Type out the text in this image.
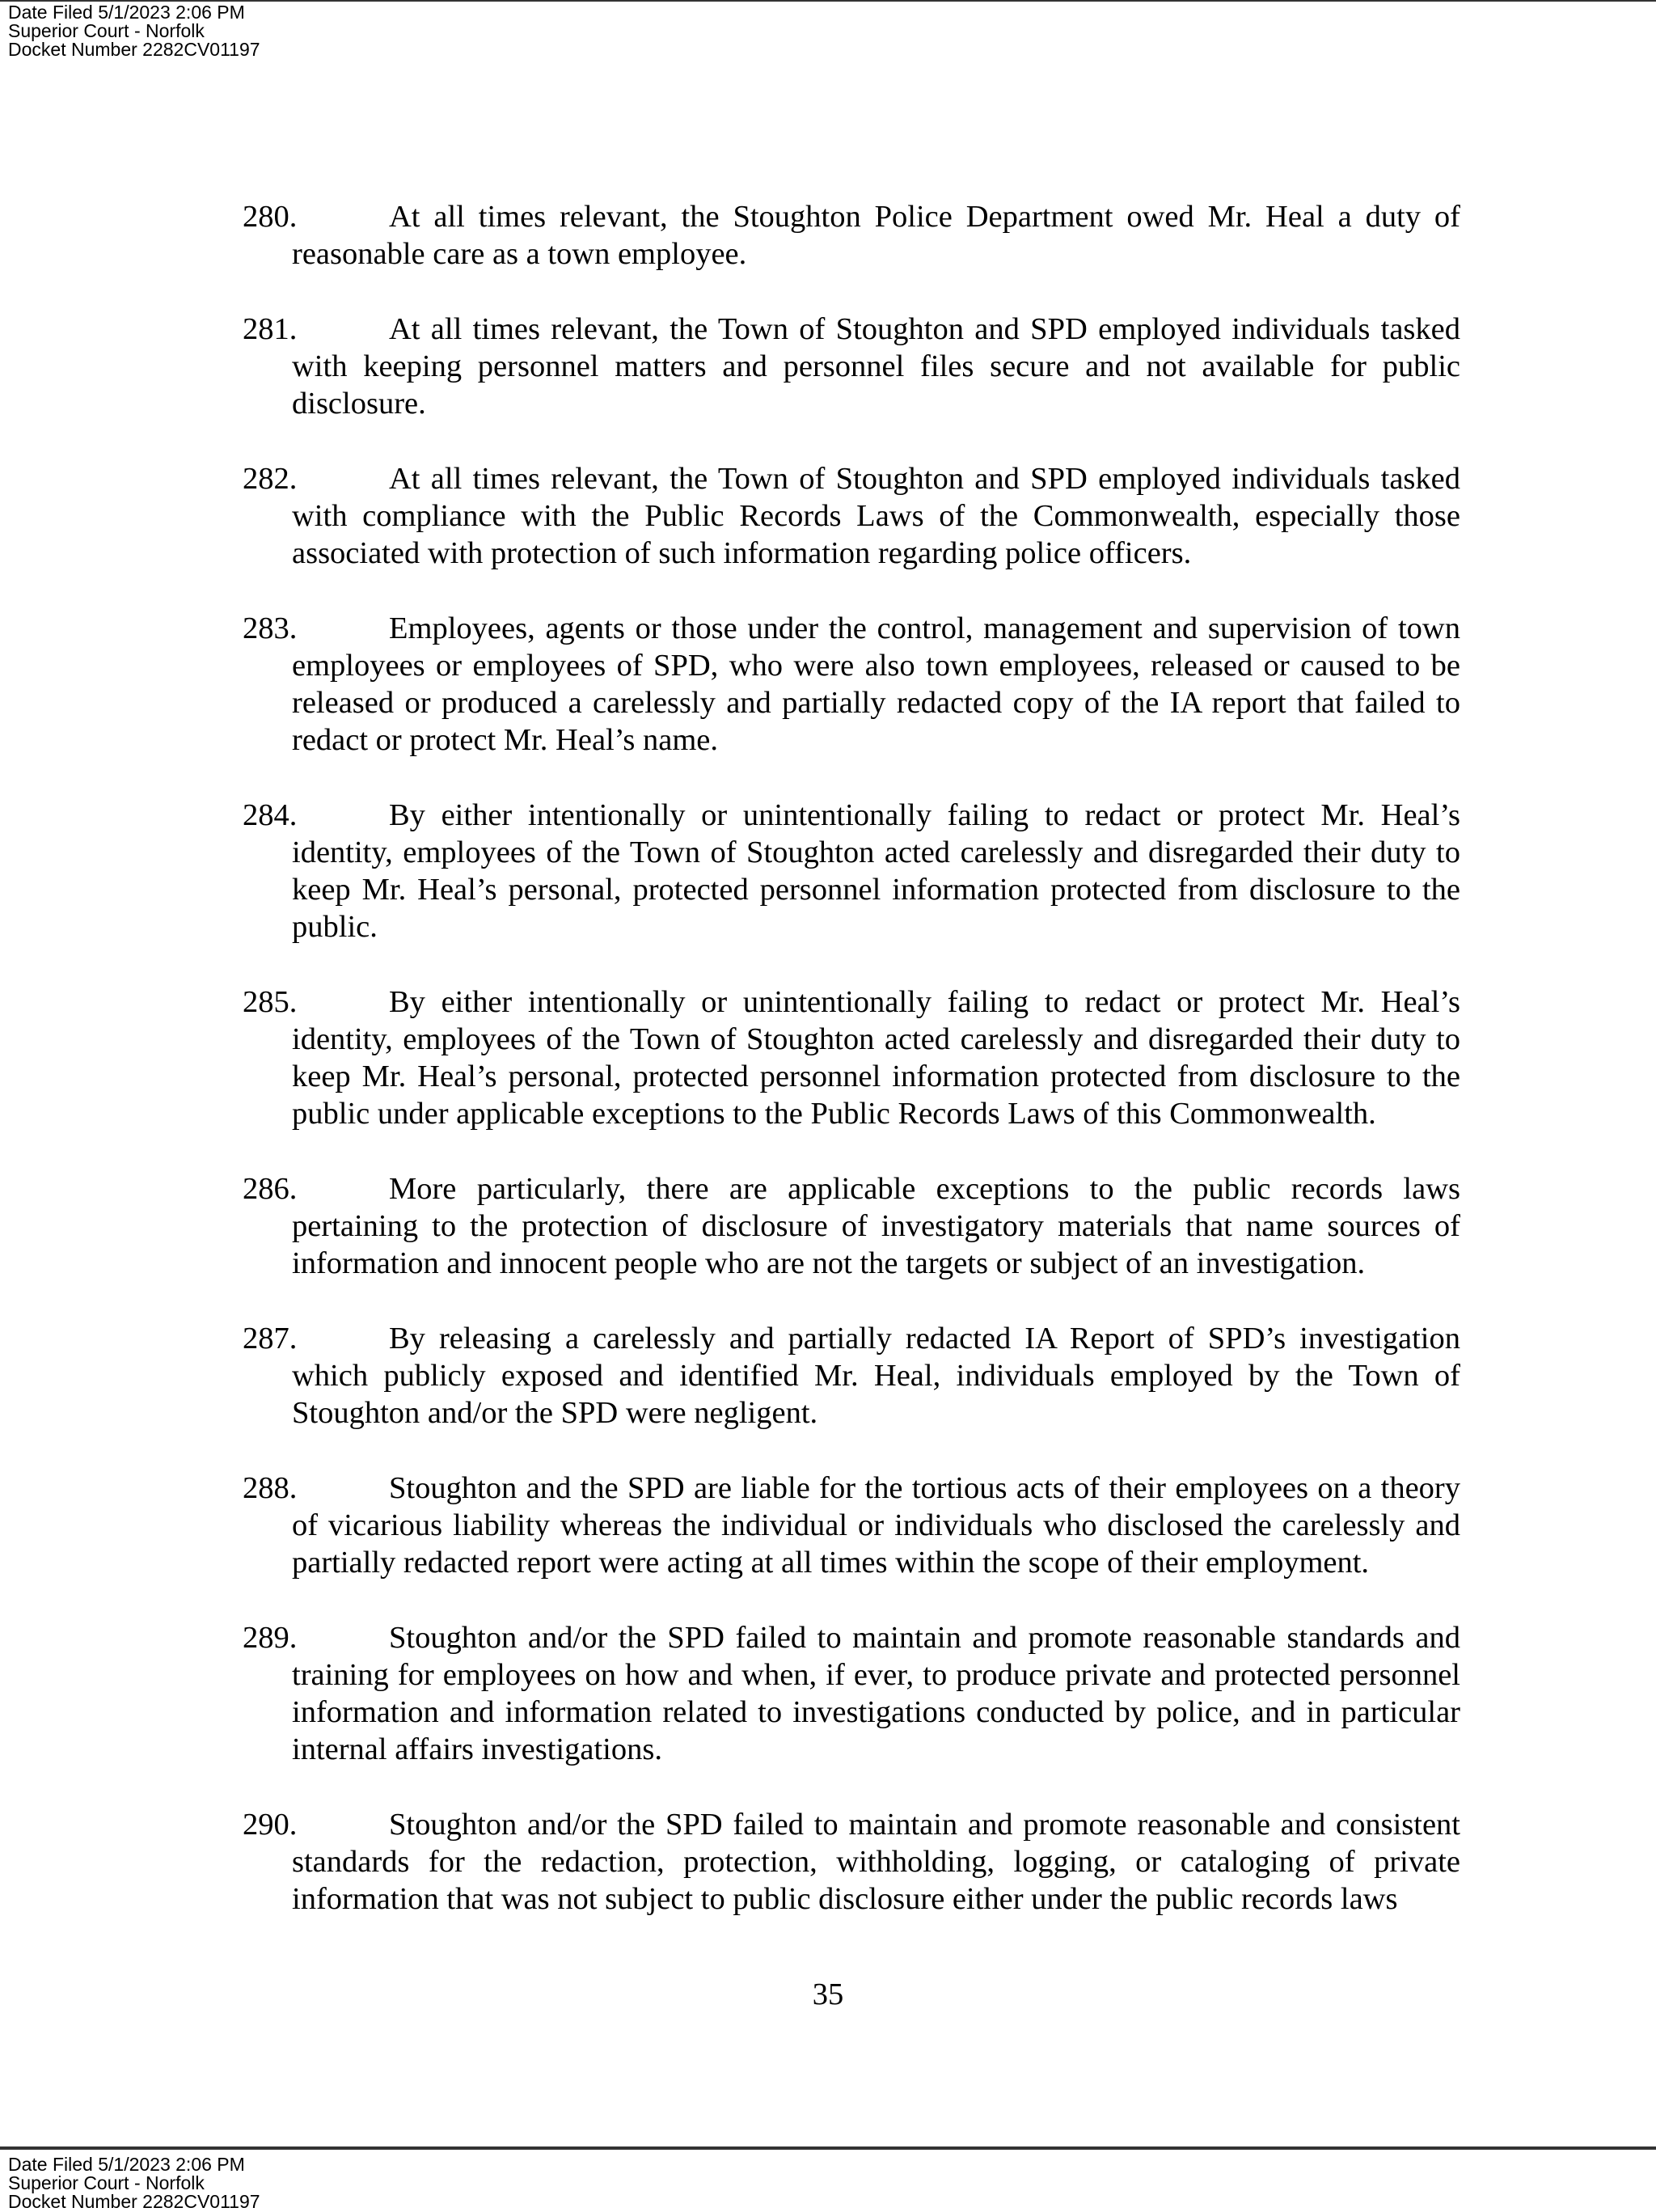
Date Filed 5/1/2023 2:06 PM
Superior Court - Norfolk
Docket Number 2282CV01197
280.	At all times relevant, the Stoughton Police Department owed Mr. Heal a duty of reasonable care as a town employee.
281.	At all times relevant, the Town of Stoughton and SPD employed individuals tasked with keeping personnel matters and personnel files secure and not available for public disclosure.
282.	At all times relevant, the Town of Stoughton and SPD employed individuals tasked with compliance with the Public Records Laws of the Commonwealth, especially those associated with protection of such information regarding police officers.
283.	Employees, agents or those under the control, management and supervision of town employees or employees of SPD, who were also town employees, released or caused to be released or produced a carelessly and partially redacted copy of the IA report that failed to redact or protect Mr. Heal’s name.
284.	By either intentionally or unintentionally failing to redact or protect Mr. Heal’s identity, employees of the Town of Stoughton acted carelessly and disregarded their duty to keep Mr. Heal’s personal, protected personnel information protected from disclosure to the public.
285.	By either intentionally or unintentionally failing to redact or protect Mr. Heal’s identity, employees of the Town of Stoughton acted carelessly and disregarded their duty to keep Mr. Heal’s personal, protected personnel information protected from disclosure to the public under applicable exceptions to the Public Records Laws of this Commonwealth.
286.	More particularly, there are applicable exceptions to the public records laws pertaining to the protection of disclosure of investigatory materials that name sources of information and innocent people who are not the targets or subject of an investigation.
287.	By releasing a carelessly and partially redacted IA Report of SPD’s investigation which publicly exposed and identified Mr. Heal, individuals employed by the Town of Stoughton and/or the SPD were negligent.
288.	Stoughton and the SPD are liable for the tortious acts of their employees on a theory of vicarious liability whereas the individual or individuals who disclosed the carelessly and partially redacted report were acting at all times within the scope of their employment.
289.	Stoughton and/or the SPD failed to maintain and promote reasonable standards and training for employees on how and when, if ever, to produce private and protected personnel information and information related to investigations conducted by police, and in particular internal affairs investigations.
290.	Stoughton and/or the SPD failed to maintain and promote reasonable and consistent standards for the redaction, protection, withholding, logging, or cataloging of private information that was not subject to public disclosure either under the public records laws
35
Date Filed 5/1/2023 2:06 PM
Superior Court - Norfolk
Docket Number 2282CV01197
